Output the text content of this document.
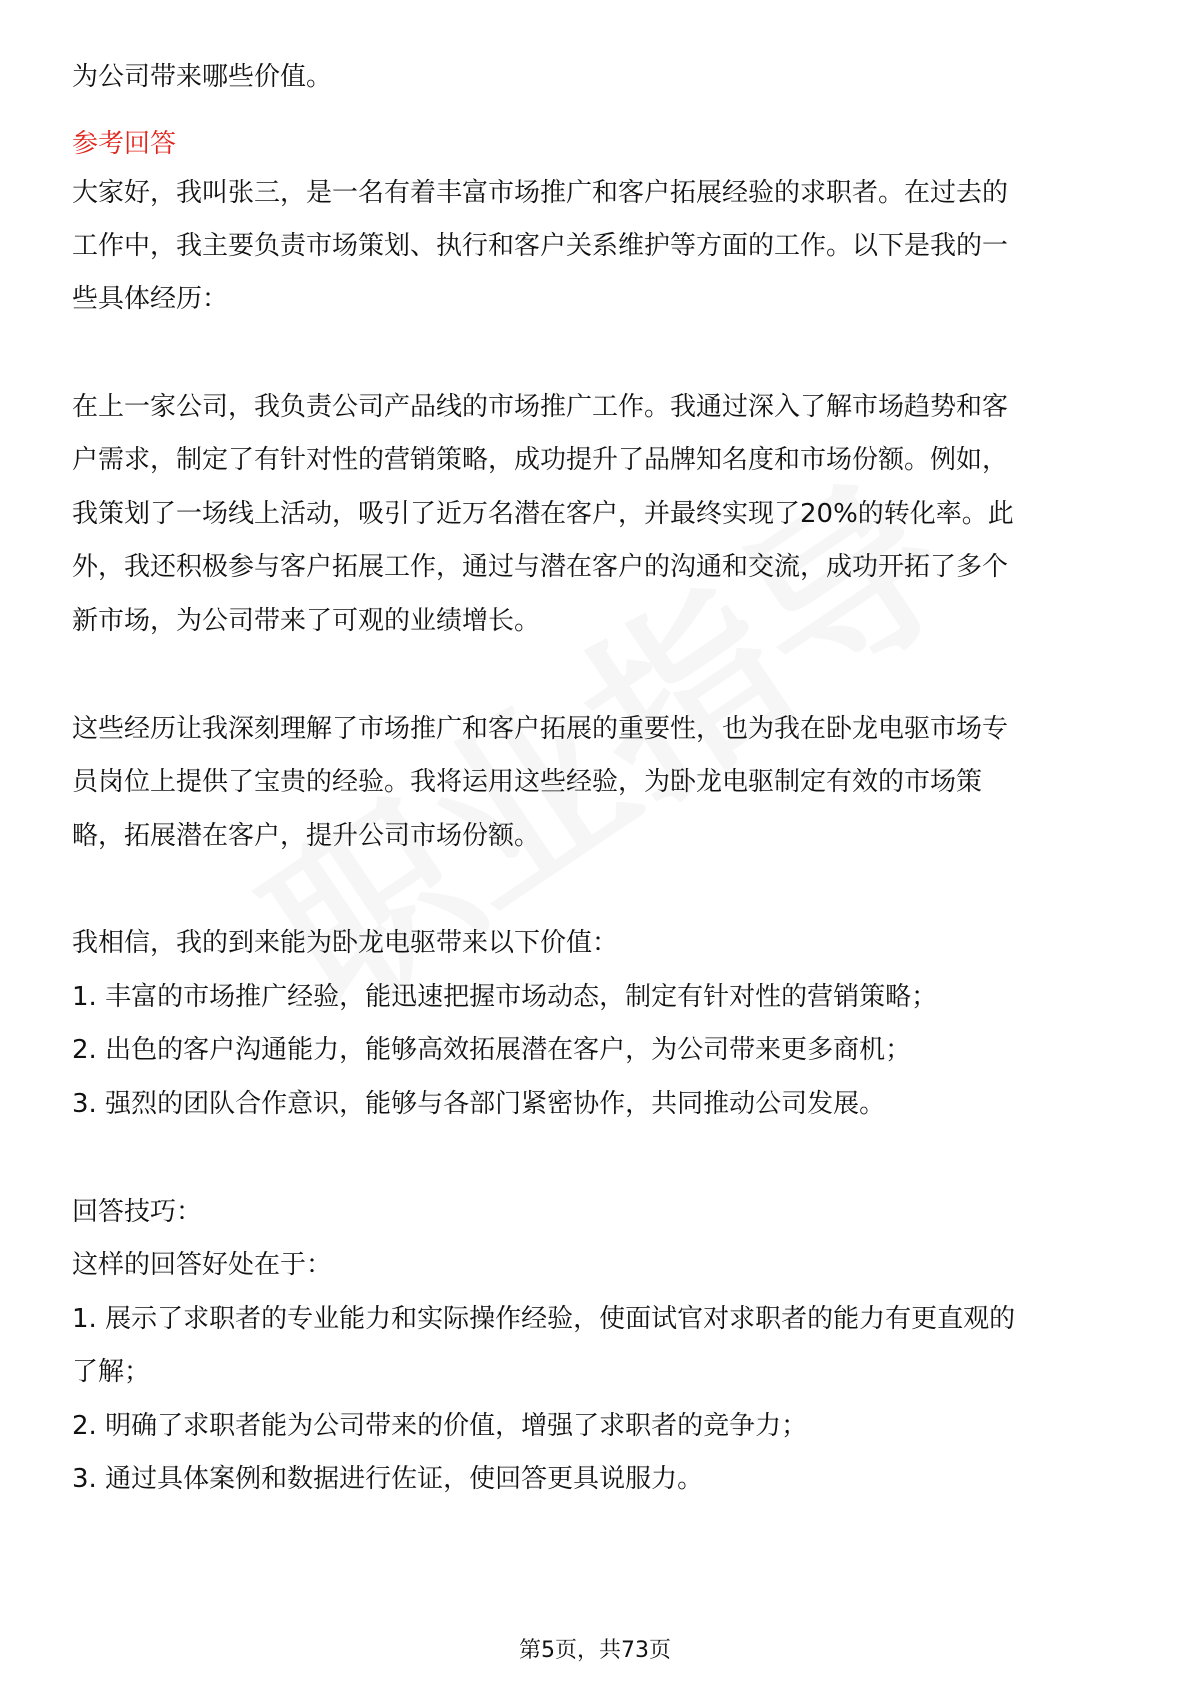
为公司带来哪些价值。
参考回答
大家好，我叫张三，是一名有着丰富市场推广和客户拓展经验的求职者。在过去的
工作中，我主要负责市场策划、执行和客户关系维护等方面的工作。以下是我的一
些具体经历：
在上一家公司，我负责公司产品线的市场推广工作。我通过深入了解市场趋势和客
户需求，制定了有针对性的营销策略，成功提升了品牌知名度和市场份额。例如，
我策划了一场线上活动，吸引了近万名潜在客户，并最终实现了20%的转化率。此
外，我还积极参与客户拓展工作，通过与潜在客户的沟通和交流，成功开拓了多个
新市场，为公司带来了可观的业绩增长。
这些经历让我深刻理解了市场推广和客户拓展的重要性，也为我在卧龙电驱市场专
员岗位上提供了宝贵的经验。我将运用这些经验，为卧龙电驱制定有效的市场策
略，拓展潜在客户，提升公司市场份额。
我相信，我的到来能为卧龙电驱带来以下价值：
1. 丰富的市场推广经验，能迅速把握市场动态，制定有针对性的营销策略；
2. 出色的客户沟通能力，能够高效拓展潜在客户，为公司带来更多商机；
3. 强烈的团队合作意识，能够与各部门紧密协作，共同推动公司发展。
回答技巧：
这样的回答好处在于：
1. 展示了求职者的专业能力和实际操作经验，使面试官对求职者的能力有更直观的
了解；
2. 明确了求职者能为公司带来的价值，增强了求职者的竞争力；
3. 通过具体案例和数据进行佐证，使回答更具说服力。
第5页，共73页
